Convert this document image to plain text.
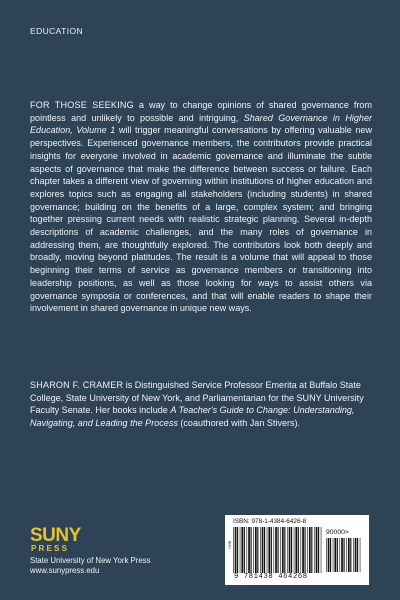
EDUCATION
FOR THOSE SEEKING a way to change opinions of shared governance from pointless and unlikely to possible and intriguing, Shared Governance in Higher Education, Volume 1 will trigger meaningful conversations by offering valuable new perspectives. Experienced governance members, the contributors provide practical insights for everyone involved in academic governance and illuminate the subtle aspects of governance that make the difference between success or failure. Each chapter takes a different view of governing within institutions of higher education and explores topics such as engaging all stakeholders (including students) in shared governance; building on the benefits of a large, complex system; and bringing together pressing current needs with realistic strategic planning. Several in-depth descriptions of academic challenges, and the many roles of governance in addressing them, are thoughtfully explored. The contributors look both deeply and broadly, moving beyond platitudes. The result is a volume that will appeal to those beginning their terms of service as governance members or transitioning into leadership positions, as well as those looking for ways to assist others via governance symposia or conferences, and that will enable readers to shape their involvement in shared governance in unique new ways.
SHARON F. CRAMER is Distinguished Service Professor Emerita at Buffalo State College, State University of New York, and Parliamentarian for the SUNY University Faculty Senate. Her books include A Teacher's Guide to Change: Understanding, Navigating, and Leading the Process (coauthored with Jan Stivers).
SUNY
PRESS
State University of New York Press
www.sunypress.edu
ISBN: 978-1-4384-6426-8
NHB
90000>
9 781438 464268
